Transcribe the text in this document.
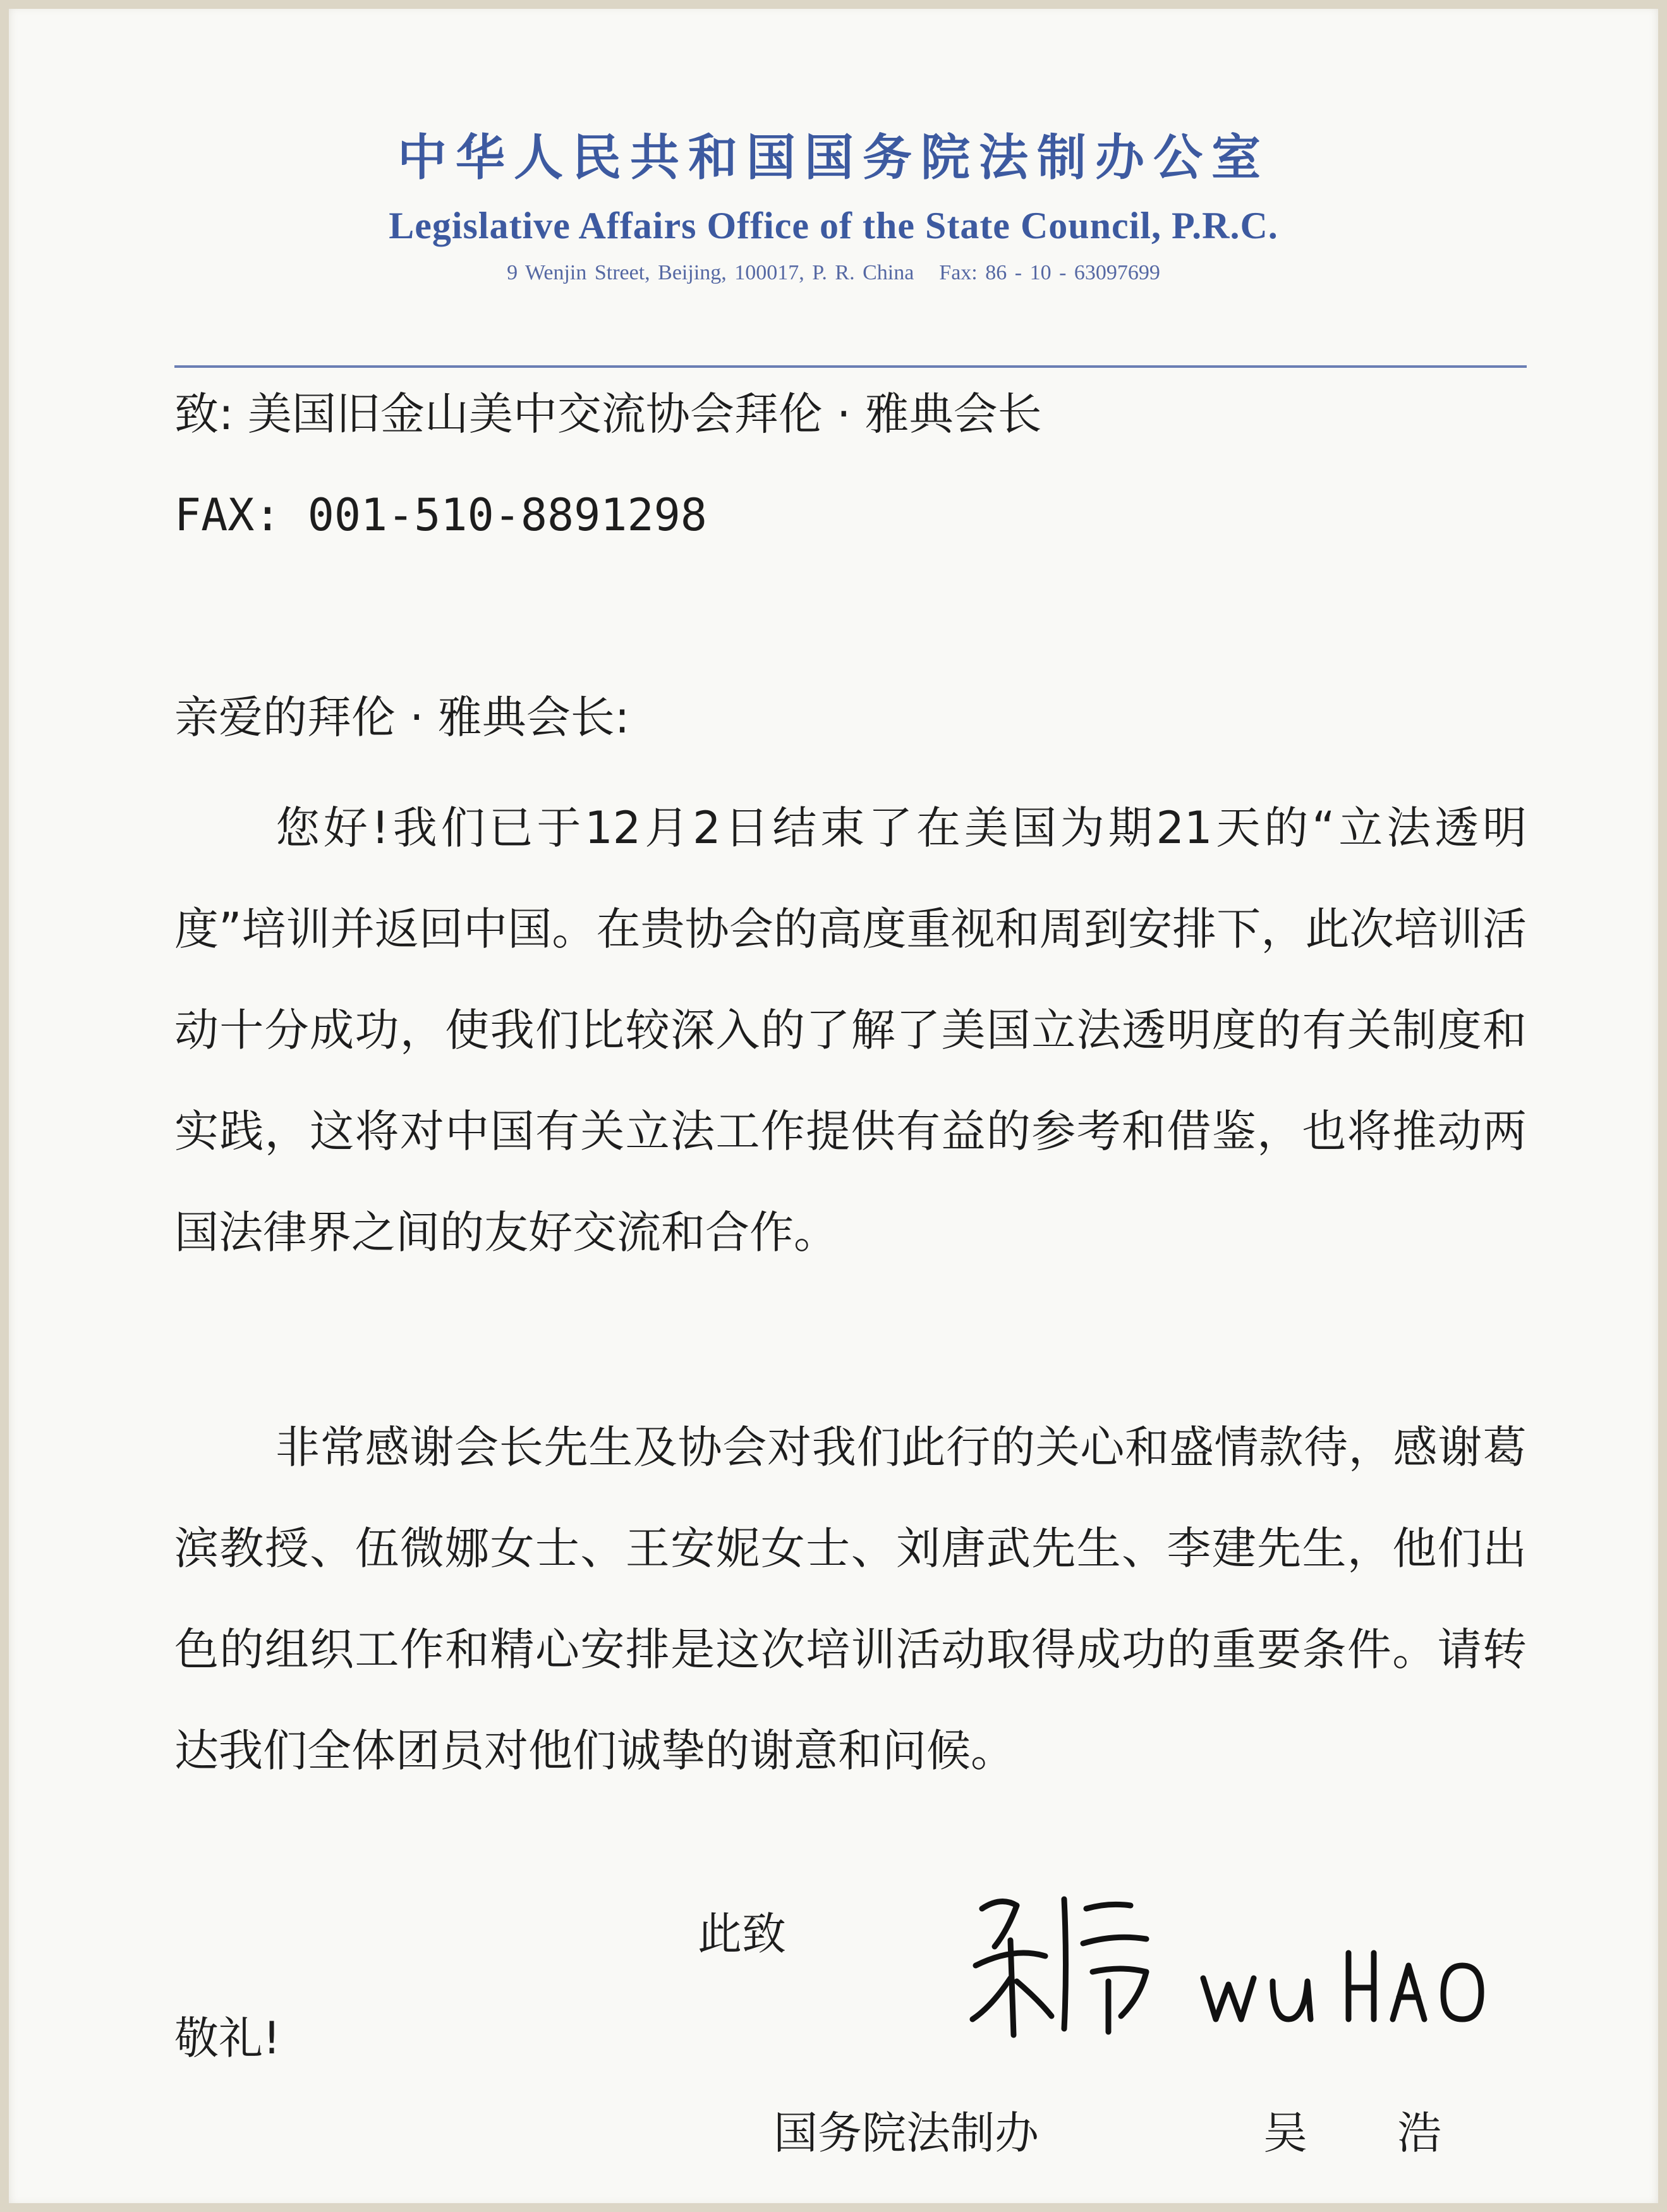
中华人民共和国国务院法制办公室
Legislative Affairs Office of the State Council, P.R.C.
9 Wenjin Street, Beijing, 100017, P. R. China Fax: 86 - 10 - 63097699
致: 美国旧金山美中交流协会拜伦 · 雅典会长
FAX: 001-510-8891298
亲爱的拜伦 · 雅典会长:

您好!我们已于12月2日结束了在美国为期21天的“立法透明度”培训并返回中国。在贵协会的高度重视和周到安排下，此次培训活动十分成功，使我们比较深入的了解了美国立法透明度的有关制度和实践，这将对中国有关立法工作提供有益的参考和借鉴，也将推动两国法律界之间的友好交流和合作。

非常感谢会长先生及协会对我们此行的关心和盛情款待，感谢葛滨教授、伍微娜女士、王安妮女士、刘唐武先生、李建先生，他们出色的组织工作和精心安排是这次培训活动取得成功的重要条件。请转达我们全体团员对他们诚挚的谢意和问候。

此致
敬礼!
国务院法制办	吴 浩
